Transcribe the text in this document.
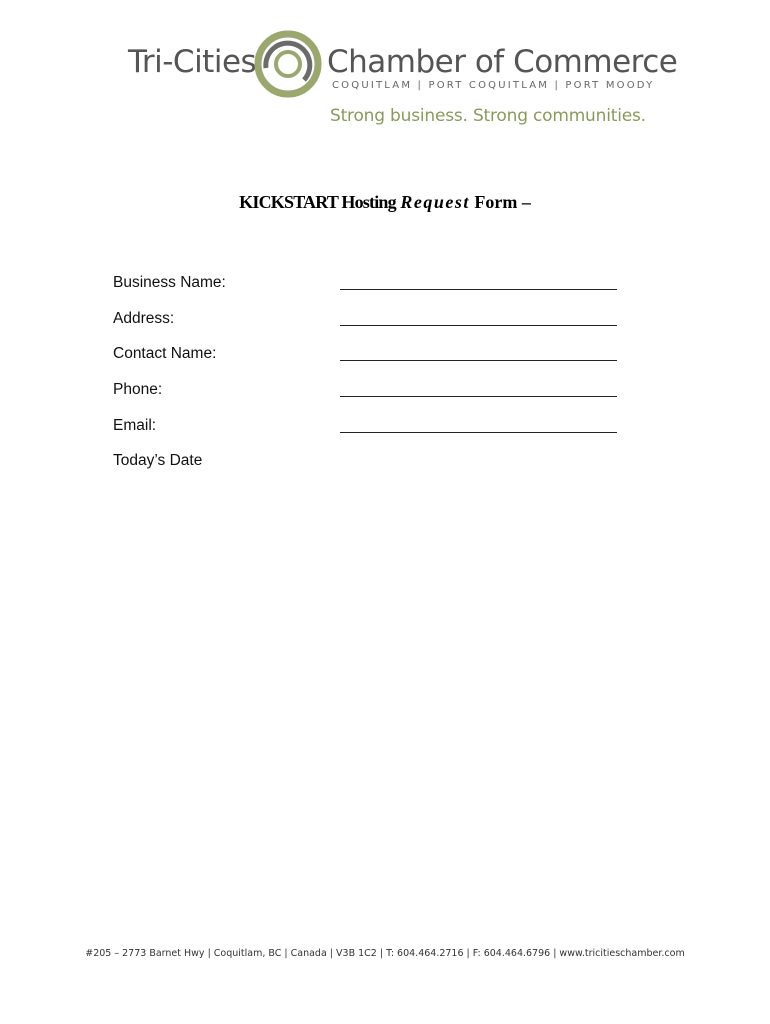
Tri-Cities Chamber of Commerce
COQUITLAM | PORT COQUITLAM | PORT MOODY
Strong business. Strong communities.
KICKSTART Hosting Request Form –
Business Name:
Address:
Contact Name:
Phone:
Email:
Today’s Date
#205 – 2773 Barnet Hwy | Coquitlam, BC | Canada | V3B 1C2 | T: 604.464.2716 | F: 604.464.6796 | www.tricitieschamber.com
